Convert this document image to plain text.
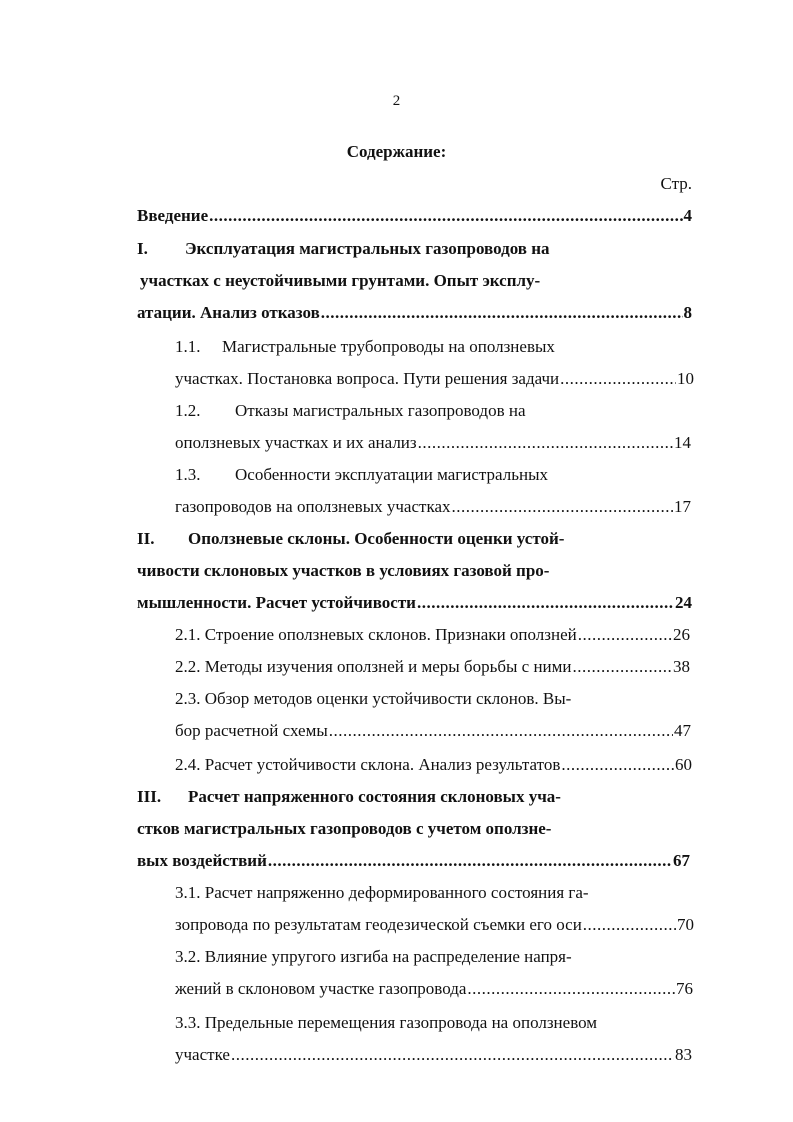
2
Содержание:
Стр.
Введение .....	4
I. Эксплуатация магистральных газопроводов на
участках с неустойчивыми грунтами. Опыт эксплу-
атации. Анализ отказов .....	8
1.1. Магистральные трубопроводы на оползневых
участках. Постановка вопроса. Пути решения задачи .....	10
1.2. Отказы магистральных газопроводов на
оползневых участках и их анализ .....	14
1.3. Особенности эксплуатации магистральных
газопроводов на оползневых участках .....	17
II. Оползневые склоны. Особенности оценки устой-
чивости склоновых участков в условиях газовой про-
мышленности. Расчет устойчивости .....	24
2.1. Строение оползневых склонов. Признаки оползней .....	26
2.2. Методы изучения оползней и меры борьбы с ними .....	38
2.3. Обзор методов оценки устойчивости склонов. Вы-
бор расчетной схемы .....	47
2.4. Расчет устойчивости склона. Анализ результатов .....	60
III. Расчет напряженного состояния склоновых уча-
стков магистральных газопроводов с учетом оползне-
вых воздействий .....	67
3.1. Расчет напряженно деформированного состояния га-
зопровода по результатам геодезической съемки его оси .....	70
3.2. Влияние упругого изгиба на распределение напря-
жений в склоновом участке газопровода .....	76
3.3. Предельные перемещения газопровода на оползневом
участке .....	83
